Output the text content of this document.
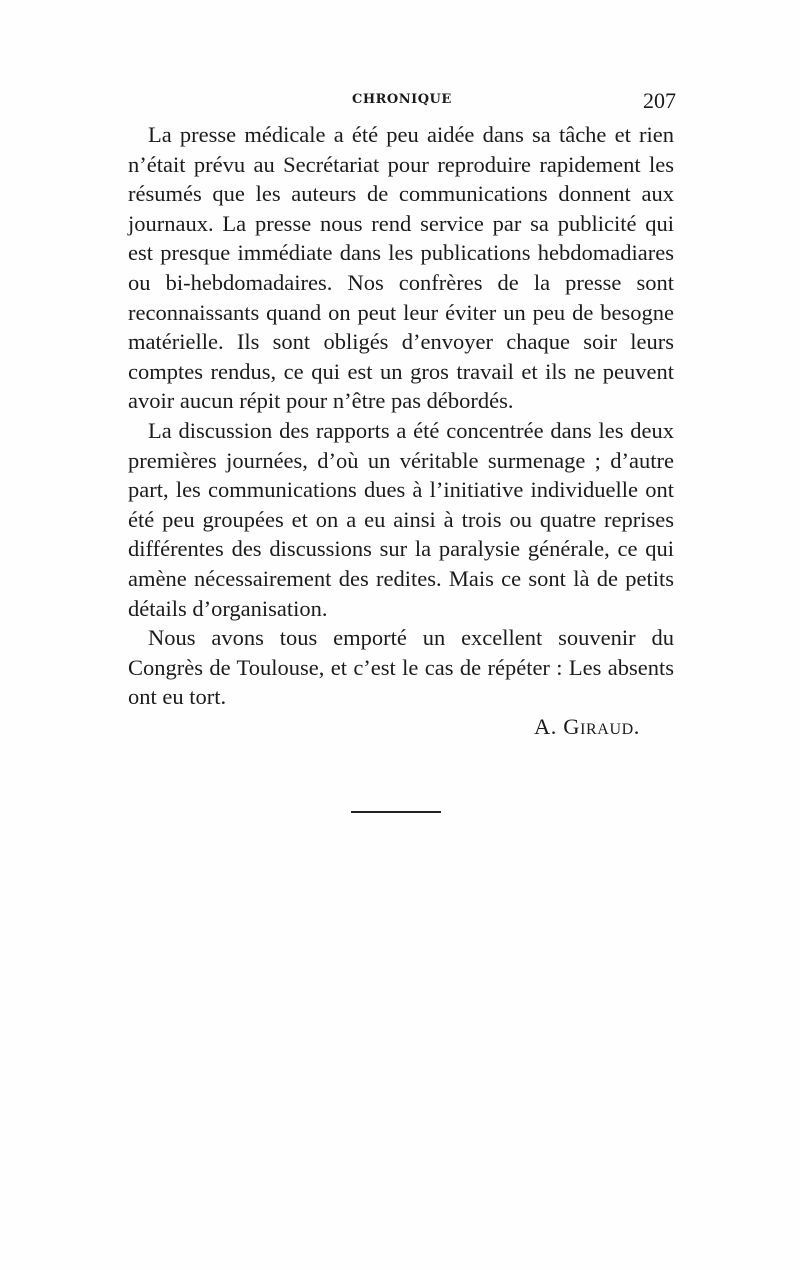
CHRONIQUE	207

La presse médicale a été peu aidée dans sa tâche et rien n’était prévu au Secrétariat pour reproduire rapidement les résumés que les auteurs de communications donnent aux journaux. La presse nous rend service par sa publicité qui est presque immédiate dans les publications hebdomadiares ou bi-hebdomadaires. Nos confrères de la presse sont reconnaissants quand on peut leur éviter un peu de besogne matérielle. Ils sont obligés d’envoyer chaque soir leurs comptes rendus, ce qui est un gros travail et ils ne peuvent avoir aucun répit pour n’être pas débordés.

La discussion des rapports a été concentrée dans les deux premières journées, d’où un véritable surmenage ; d’autre part, les communications dues à l’initiative individuelle ont été peu groupées et on a eu ainsi à trois ou quatre reprises différentes des discussions sur la paralysie générale, ce qui amène nécessairement des redites. Mais ce sont là de petits détails d’organisation.

Nous avons tous emporté un excellent souvenir du Congrès de Toulouse, et c’est le cas de répéter : Les absents ont eu tort.

A. Giraud.
